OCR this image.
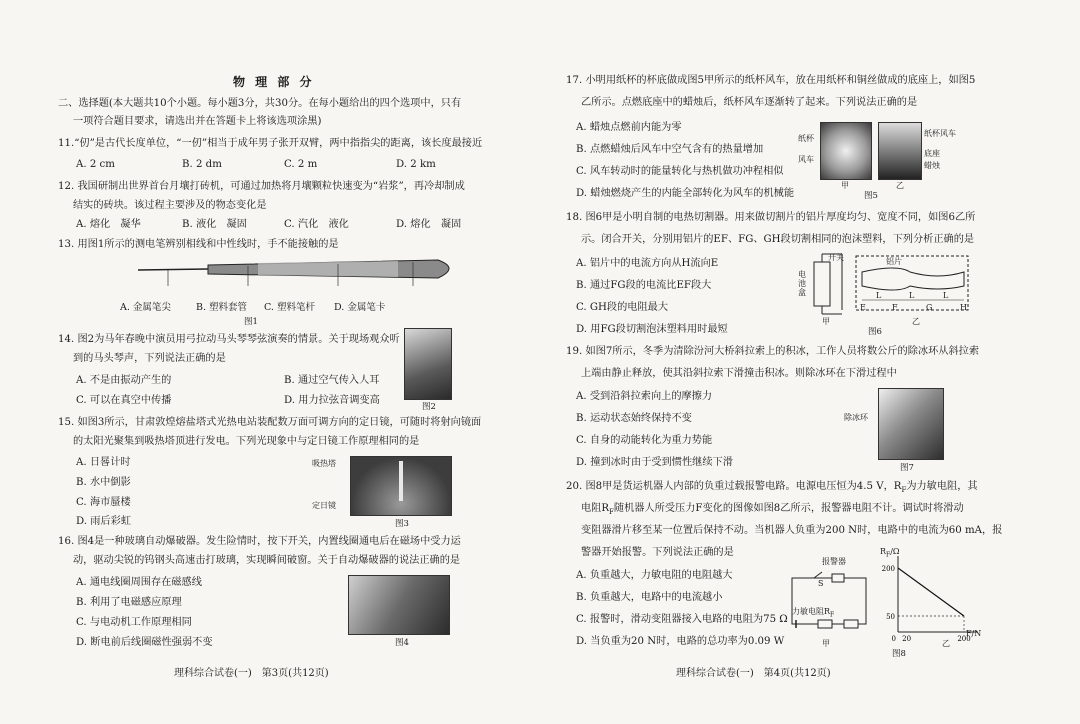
物 理 部 分
二、选择题(本大题共10个小题。每小题3分，共30分。在每小题给出的四个选项中，只有
一项符合题目要求，请选出并在答题卡上将该选项涂黑)
11.“仞”是古代长度单位，“一仞”相当于成年男子张开双臂，两中指指尖的距离，该长度最接近
A. 2 cm	B. 2 dm	C. 2 m	D. 2 km
12. 我国研制出世界首台月壤打砖机，可通过加热将月壤颗粒快速变为“岩浆”，再冷却制成
结实的砖块。该过程主要涉及的物态变化是
A. 熔化　凝华	B. 液化　凝固	C. 汽化　液化	D. 熔化　凝固
13. 用图1所示的测电笔辨别相线和中性线时，手不能接触的是
A. 金属笔尖	B. 塑料套管 C. 塑料笔杆 D. 金属笔卡
图1
14. 图2为马年春晚中演员用弓拉动马头琴琴弦演奏的情景。关于现场观众听
到的马头琴声，下列说法正确的是
A. 不是由振动产生的	B. 通过空气传入人耳
C. 可以在真空中传播	D. 用力拉弦音调变高
图2
15. 如图3所示，甘肃敦煌熔盐塔式光热电站装配数万面可调方向的定日镜，可随时将射向镜面
的太阳光聚集到吸热塔顶进行发电。下列光现象中与定日镜工作原理相同的是
A. 日晷计时
B. 水中倒影
C. 海市蜃楼
D. 雨后彩虹
吸热塔
定日镜
图3
16. 图4是一种玻璃自动爆破器。发生险情时，按下开关，内置线圈通电后在磁场中受力运
动，驱动尖锐的钨钢头高速击打玻璃，实现瞬间破窗。关于自动爆破器的说法正确的是
A. 通电线圈周围存在磁感线
B. 利用了电磁感应原理
C. 与电动机工作原理相同
D. 断电前后线圈磁性强弱不变	图4
理科综合试卷(一)　第3页(共12页)
17. 小明用纸杯的杯底做成图5甲所示的纸杯风车，放在用纸杯和铜丝做成的底座上，如图5
乙所示。点燃底座中的蜡烛后，纸杯风车逐渐转了起来。下列说法正确的是
A. 蜡烛点燃前内能为零
B. 点燃蜡烛后风车中空气含有的热量增加
C. 风车转动时的能量转化与热机做功冲程相似
D. 蜡烛燃烧产生的内能全部转化为风车的机械能
纸杯
风车
纸杯风车
底座
蜡烛
甲	乙
图5
18. 图6甲是小明自制的电热切割器。用来做切割片的铝片厚度均匀、宽度不同，如图6乙所
示。闭合开关，分别用铝片的EF、FG、GH段切割相同的泡沫塑料，下列分析正确的是
A. 铝片中的电流方向从H流向E
B. 通过FG段的电流比EF段大
C. GH段的电阻最大
D. 用FG段切割泡沫塑料用时最短
开关
电池盒
铝片
E	F	G	H
L	L	L
甲	乙
图6
19. 如图7所示，冬季为清除汾河大桥斜拉索上的积冰，工作人员将数公斤的除冰环从斜拉索
上端由静止释放，使其沿斜拉索下滑撞击积冰。则除冰环在下滑过程中
A. 受到沿斜拉索向上的摩擦力
B. 运动状态始终保持不变
C. 自身的动能转化为重力势能
D. 撞到冰时由于受到惯性继续下滑
除冰环
图7
20. 图8甲是货运机器人内部的负重过载报警电路。电源电压恒为4.5 V，$R_F$为力敏电阻，其
电阻$R_F$随机器人所受压力F变化的图像如图8乙所示，报警器电阻不计。调试时将滑动
变阻器滑片移至某一位置后保持不动。当机器人负重为200 N时，电路中的电流为60 mA，报
警器开始报警。下列说法正确的是
A. 负重越大，力敏电阻的电阻越大
B. 负重越大，电路中的电流越小
C. 报警时，滑动变阻器接入电路的电阻为75 Ω
D. 当负重为20 N时，电路的总功率为0.09 W
报警器
S
力敏电阻$R_F$
甲
200
50
0 20	200
$R_F/\Omega$
F/N
乙
图8
理科综合试卷(一)　第4页(共12页)
